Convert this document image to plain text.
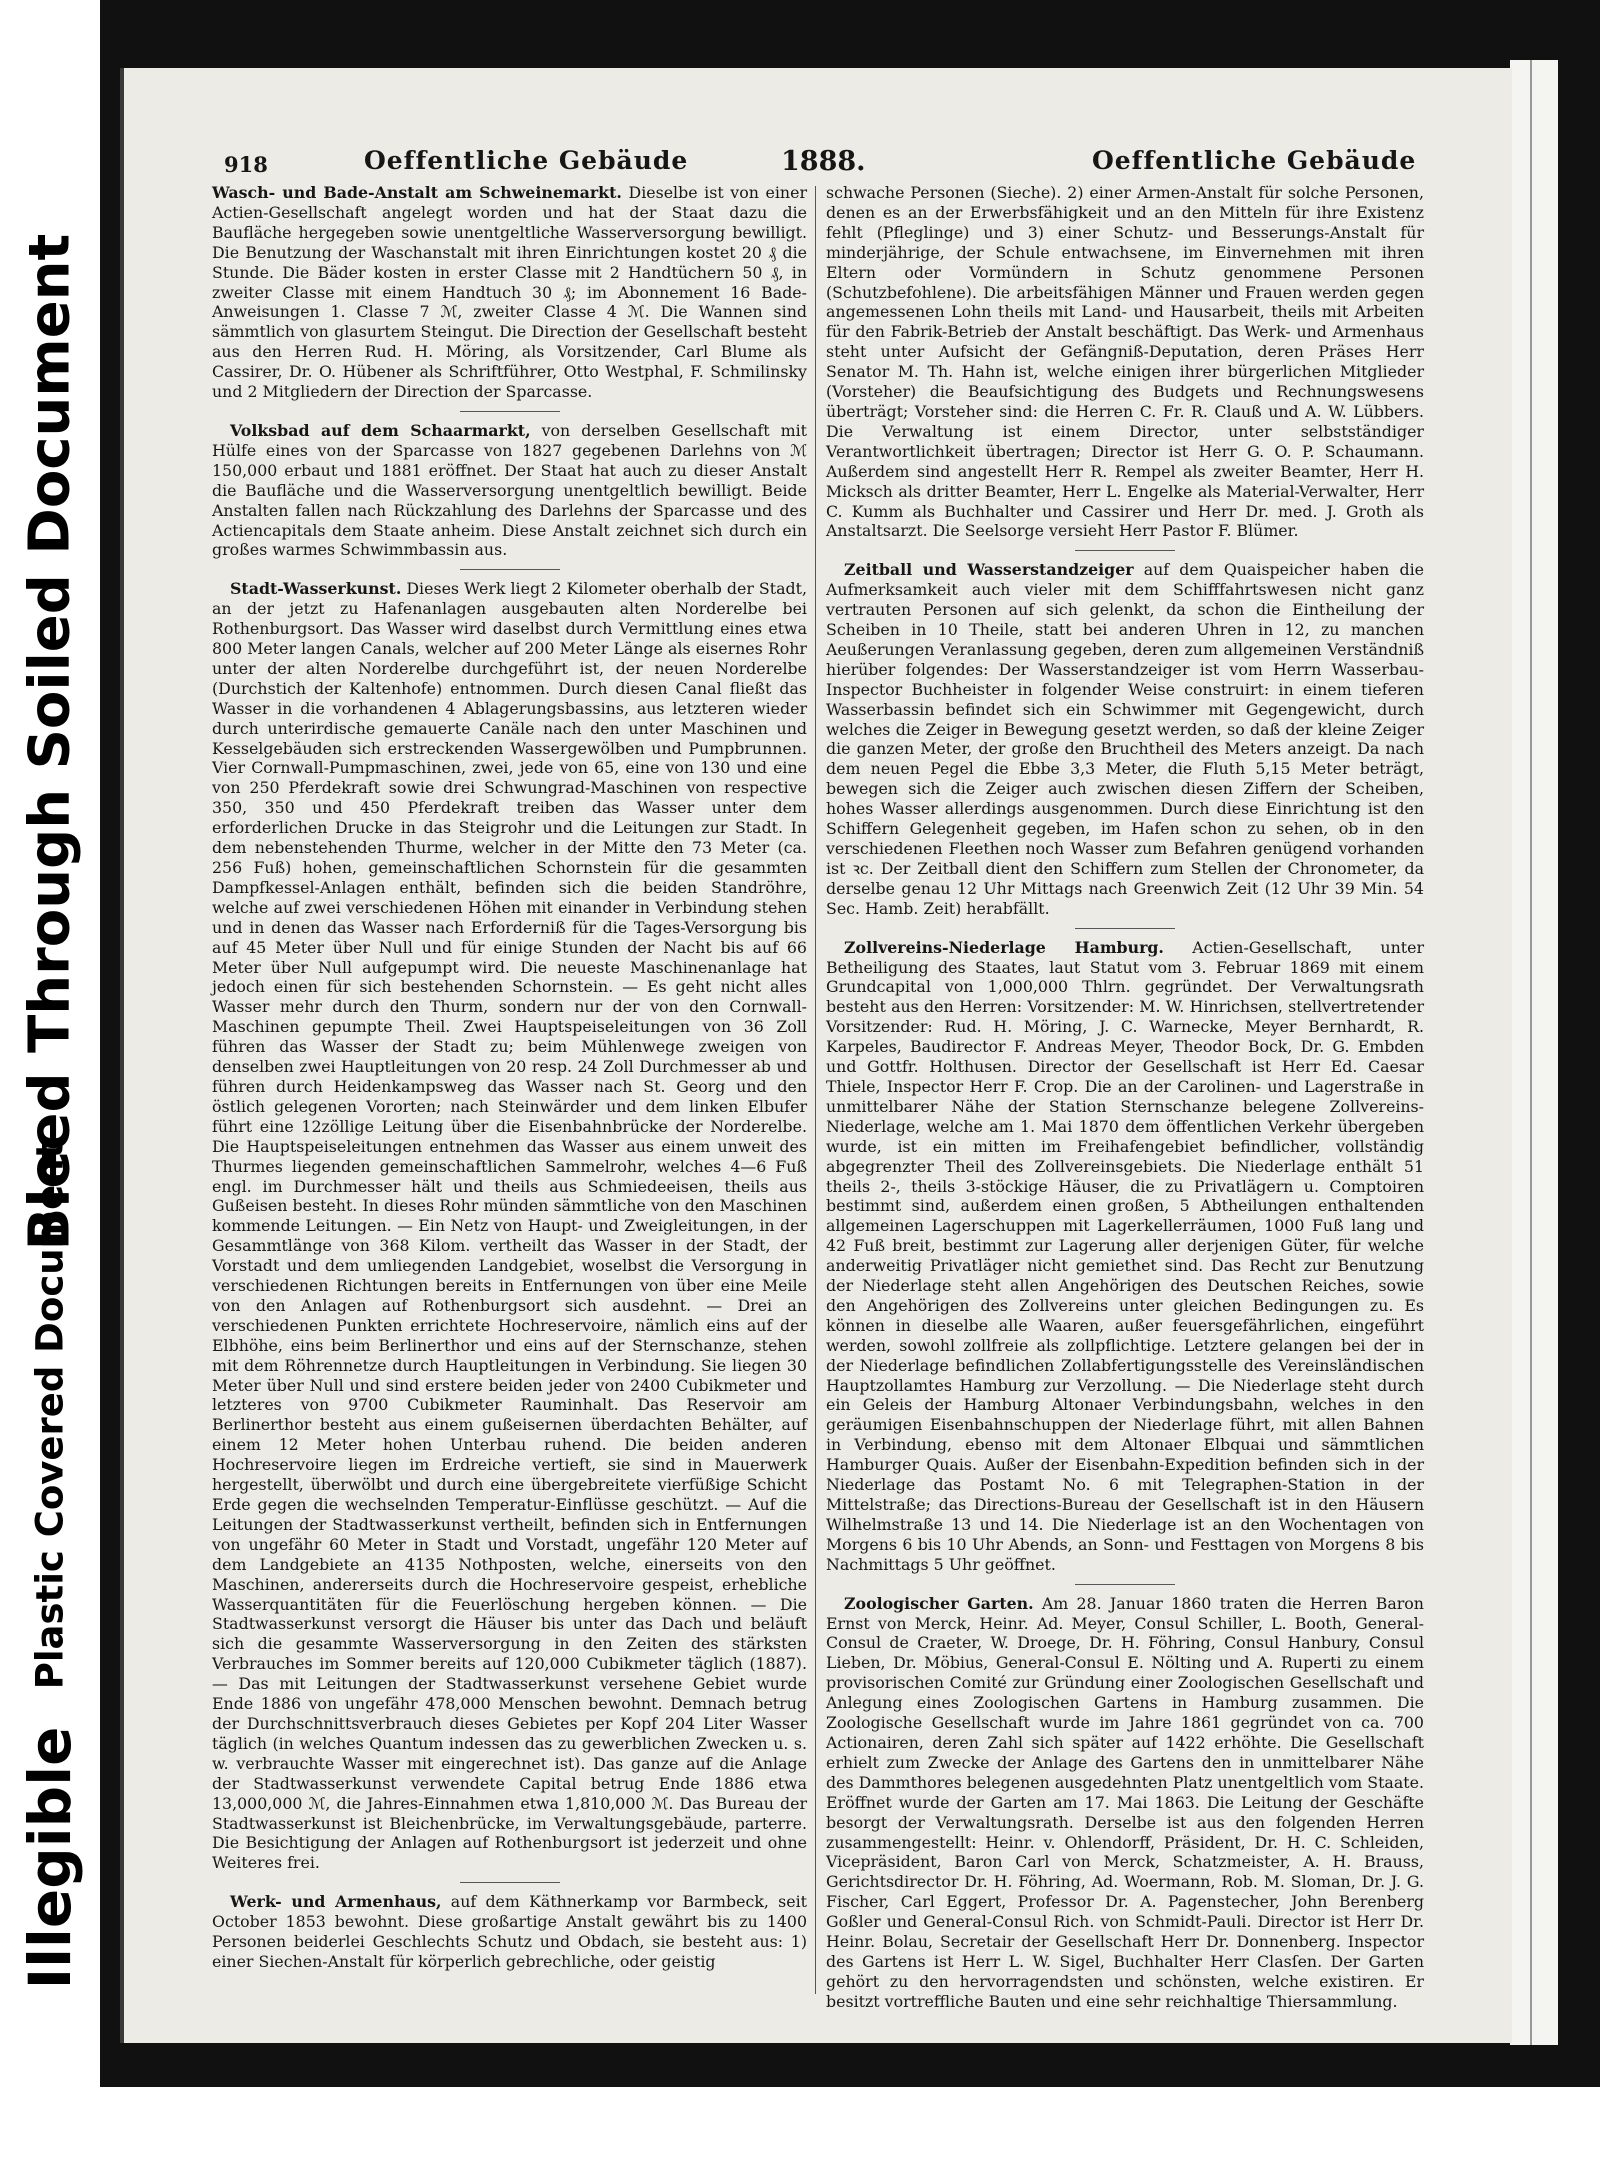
Illegible
Plastic Covered Document
Bleed Through Soiled Document
918	Oeffentliche Gebäude	1888.	Oeffentliche Gebäude

Wasch- und Bade-Anstalt am Schweinemarkt. Dieselbe ist von einer Actien-Gesellschaft angelegt worden und hat der Staat dazu die Baufläche hergegeben sowie unentgeltliche Wasserversorgung bewilligt. Die Benutzung der Waschanstalt mit ihren Einrichtungen kostet 20 ₰ die Stunde. Die Bäder kosten in erster Classe mit 2 Handtüchern 50 ₰, in zweiter Classe mit einem Handtuch 30 ₰; im Abonnement 16 Bade-Anweisungen 1. Classe 7 ℳ, zweiter Classe 4 ℳ. Die Wannen sind sämmtlich von glasurtem Steingut. Die Direction der Gesellschaft besteht aus den Herren Rud. H. Möring, als Vorsitzender, Carl Blume als Cassirer, Dr. O. Hübener als Schriftführer, Otto Westphal, F. Schmilinsky und 2 Mitgliedern der Direction der Sparcasse.

Volksbad auf dem Schaarmarkt, von derselben Gesellschaft mit Hülfe eines von der Sparcasse von 1827 gegebenen Darlehns von ℳ 150,000 erbaut und 1881 eröffnet. Der Staat hat auch zu dieser Anstalt die Baufläche und die Wasserversorgung unentgeltlich bewilligt. Beide Anstalten fallen nach Rückzahlung des Darlehns der Sparcasse und des Actiencapitals dem Staate anheim. Diese Anstalt zeichnet sich durch ein großes warmes Schwimmbassin aus.

Stadt-Wasserkunst. Dieses Werk liegt 2 Kilometer oberhalb der Stadt, an der jetzt zu Hafenanlagen ausgebauten alten Norderelbe bei Rothenburgsort. Das Wasser wird daselbst durch Vermittlung eines etwa 800 Meter langen Canals, welcher auf 200 Meter Länge als eisernes Rohr unter der alten Norderelbe durchgeführt ist, der neuen Norderelbe (Durchstich der Kaltenhofe) entnommen. Durch diesen Canal fließt das Wasser in die vorhandenen 4 Ablagerungsbassins, aus letzteren wieder durch unterirdische gemauerte Canäle nach den unter Maschinen und Kesselgebäuden sich erstreckenden Wassergewölben und Pumpbrunnen. Vier Cornwall-Pumpmaschinen, zwei, jede von 65, eine von 130 und eine von 250 Pferdekraft sowie drei Schwungrad-Maschinen von respective 350, 350 und 450 Pferdekraft treiben das Wasser unter dem erforderlichen Drucke in das Steigrohr und die Leitungen zur Stadt. In dem nebenstehenden Thurme, welcher in der Mitte den 73 Meter (ca. 256 Fuß) hohen, gemeinschaftlichen Schornstein für die gesammten Dampfkessel-Anlagen enthält, befinden sich die beiden Standröhre, welche auf zwei verschiedenen Höhen mit einander in Verbindung stehen und in denen das Wasser nach Erforderniß für die Tages-Versorgung bis auf 45 Meter über Null und für einige Stunden der Nacht bis auf 66 Meter über Null aufgepumpt wird. Die neueste Maschinenanlage hat jedoch einen für sich bestehenden Schornstein. — Es geht nicht alles Wasser mehr durch den Thurm, sondern nur der von den Cornwall-Maschinen gepumpte Theil. Zwei Hauptspeiseleitungen von 36 Zoll führen das Wasser der Stadt zu; beim Mühlenwege zweigen von denselben zwei Hauptleitungen von 20 resp. 24 Zoll Durchmesser ab und führen durch Heidenkampsweg das Wasser nach St. Georg und den östlich gelegenen Vororten; nach Steinwärder und dem linken Elbufer führt eine 12zöllige Leitung über die Eisenbahnbrücke der Norderelbe. Die Hauptspeiseleitungen entnehmen das Wasser aus einem unweit des Thurmes liegenden gemeinschaftlichen Sammelrohr, welches 4—6 Fuß engl. im Durchmesser hält und theils aus Schmiedeeisen, theils aus Gußeisen besteht. In dieses Rohr münden sämmtliche von den Maschinen kommende Leitungen. — Ein Netz von Haupt- und Zweigleitungen, in der Gesammtlänge von 368 Kilom. vertheilt das Wasser in der Stadt, der Vorstadt und dem umliegenden Landgebiet, woselbst die Versorgung in verschiedenen Richtungen bereits in Entfernungen von über eine Meile von den Anlagen auf Rothenburgsort sich ausdehnt. — Drei an verschiedenen Punkten errichtete Hochreservoire, nämlich eins auf der Elbhöhe, eins beim Berlinerthor und eins auf der Sternschanze, stehen mit dem Röhrennetze durch Hauptleitungen in Verbindung. Sie liegen 30 Meter über Null und sind erstere beiden jeder von 2400 Cubikmeter und letzteres von 9700 Cubikmeter Rauminhalt. Das Reservoir am Berlinerthor besteht aus einem gußeisernen überdachten Behälter, auf einem 12 Meter hohen Unterbau ruhend. Die beiden anderen Hochreservoire liegen im Erdreiche vertieft, sie sind in Mauerwerk hergestellt, überwölbt und durch eine übergebreitete vierfüßige Schicht Erde gegen die wechselnden Temperatur-Einflüsse geschützt. — Auf die Leitungen der Stadtwasserkunst vertheilt, befinden sich in Entfernungen von ungefähr 60 Meter in Stadt und Vorstadt, ungefähr 120 Meter auf dem Landgebiete an 4135 Nothposten, welche, einerseits von den Maschinen, andererseits durch die Hochreservoire gespeist, erhebliche Wasserquantitäten für die Feuerlöschung hergeben können. — Die Stadtwasserkunst versorgt die Häuser bis unter das Dach und beläuft sich die gesammte Wasserversorgung in den Zeiten des stärksten Verbrauches im Sommer bereits auf 120,000 Cubikmeter täglich (1887). — Das mit Leitungen der Stadtwasserkunst versehene Gebiet wurde Ende 1886 von ungefähr 478,000 Menschen bewohnt. Demnach betrug der Durchschnittsverbrauch dieses Gebietes per Kopf 204 Liter Wasser täglich (in welches Quantum indessen das zu gewerblichen Zwecken u. s. w. verbrauchte Wasser mit eingerechnet ist). Das ganze auf die Anlage der Stadtwasserkunst verwendete Capital betrug Ende 1886 etwa 13,000,000 ℳ, die Jahres-Einnahmen etwa 1,810,000 ℳ. Das Bureau der Stadtwasserkunst ist Bleichenbrücke, im Verwaltungsgebäude, parterre. Die Besichtigung der Anlagen auf Rothenburgsort ist jederzeit und ohne Weiteres frei.

Werk- und Armenhaus, auf dem Käthnerkamp vor Barmbeck, seit October 1853 bewohnt. Diese großartige Anstalt gewährt bis zu 1400 Personen beiderlei Geschlechts Schutz und Obdach, sie besteht aus: 1) einer Siechen-Anstalt für körperlich gebrechliche, oder geistig

schwache Personen (Sieche). 2) einer Armen-Anstalt für solche Personen, denen es an der Erwerbsfähigkeit und an den Mitteln für ihre Existenz fehlt (Pfleglinge) und 3) einer Schutz- und Besserungs-Anstalt für minderjährige, der Schule entwachsene, im Einvernehmen mit ihren Eltern oder Vormündern in Schutz genommene Personen (Schutzbefohlene). Die arbeitsfähigen Männer und Frauen werden gegen angemessenen Lohn theils mit Land- und Hausarbeit, theils mit Arbeiten für den Fabrik-Betrieb der Anstalt beschäftigt. Das Werk- und Armenhaus steht unter Aufsicht der Gefängniß-Deputation, deren Präses Herr Senator M. Th. Hahn ist, welche einigen ihrer bürgerlichen Mitglieder (Vorsteher) die Beaufsichtigung des Budgets und Rechnungswesens überträgt; Vorsteher sind: die Herren C. Fr. R. Clauß und A. W. Lübbers. Die Verwaltung ist einem Director, unter selbstständiger Verantwortlichkeit übertragen; Director ist Herr G. O. P. Schaumann. Außerdem sind angestellt Herr R. Rempel als zweiter Beamter, Herr H. Micksch als dritter Beamter, Herr L. Engelke als Material-Verwalter, Herr C. Kumm als Buchhalter und Cassirer und Herr Dr. med. J. Groth als Anstaltsarzt. Die Seelsorge versieht Herr Pastor F. Blümer.

Zeitball und Wasserstandzeiger auf dem Quaispeicher haben die Aufmerksamkeit auch vieler mit dem Schifffahrtswesen nicht ganz vertrauten Personen auf sich gelenkt, da schon die Eintheilung der Scheiben in 10 Theile, statt bei anderen Uhren in 12, zu manchen Aeußerungen Veranlassung gegeben, deren zum allgemeinen Verständniß hierüber folgendes: Der Wasserstandzeiger ist vom Herrn Wasserbau-Inspector Buchheister in folgender Weise construirt: in einem tieferen Wasserbassin befindet sich ein Schwimmer mit Gegengewicht, durch welches die Zeiger in Bewegung gesetzt werden, so daß der kleine Zeiger die ganzen Meter, der große den Bruchtheil des Meters anzeigt. Da nach dem neuen Pegel die Ebbe 3,3 Meter, die Fluth 5,15 Meter beträgt, bewegen sich die Zeiger auch zwischen diesen Ziffern der Scheiben, hohes Wasser allerdings ausgenommen. Durch diese Einrichtung ist den Schiffern Gelegenheit gegeben, im Hafen schon zu sehen, ob in den verschiedenen Fleethen noch Wasser zum Befahren genügend vorhanden ist ꝛc. Der Zeitball dient den Schiffern zum Stellen der Chronometer, da derselbe genau 12 Uhr Mittags nach Greenwich Zeit (12 Uhr 39 Min. 54 Sec. Hamb. Zeit) herabfällt.

Zollvereins-Niederlage Hamburg. Actien-Gesellschaft, unter Betheiligung des Staates, laut Statut vom 3. Februar 1869 mit einem Grundcapital von 1,000,000 Thlrn. gegründet. Der Verwaltungsrath besteht aus den Herren: Vorsitzender: M. W. Hinrichsen, stellvertretender Vorsitzender: Rud. H. Möring, J. C. Warnecke, Meyer Bernhardt, R. Karpeles, Baudirector F. Andreas Meyer, Theodor Bock, Dr. G. Embden und Gottfr. Holthusen. Director der Gesellschaft ist Herr Ed. Caesar Thiele, Inspector Herr F. Crop. Die an der Carolinen- und Lagerstraße in unmittelbarer Nähe der Station Sternschanze belegene Zollvereins-Niederlage, welche am 1. Mai 1870 dem öffentlichen Verkehr übergeben wurde, ist ein mitten im Freihafengebiet befindlicher, vollständig abgegrenzter Theil des Zollvereinsgebiets. Die Niederlage enthält 51 theils 2-, theils 3-stöckige Häuser, die zu Privatlägern u. Comptoiren bestimmt sind, außerdem einen großen, 5 Abtheilungen enthaltenden allgemeinen Lagerschuppen mit Lagerkellerräumen, 1000 Fuß lang und 42 Fuß breit, bestimmt zur Lagerung aller derjenigen Güter, für welche anderweitig Privatläger nicht gemiethet sind. Das Recht zur Benutzung der Niederlage steht allen Angehörigen des Deutschen Reiches, sowie den Angehörigen des Zollvereins unter gleichen Bedingungen zu. Es können in dieselbe alle Waaren, außer feuersgefährlichen, eingeführt werden, sowohl zollfreie als zollpflichtige. Letztere gelangen bei der in der Niederlage befindlichen Zollabfertigungsstelle des Vereinsländischen Hauptzollamtes Hamburg zur Verzollung. — Die Niederlage steht durch ein Geleis der Hamburg Altonaer Verbindungsbahn, welches in den geräumigen Eisenbahnschuppen der Niederlage führt, mit allen Bahnen in Verbindung, ebenso mit dem Altonaer Elbquai und sämmtlichen Hamburger Quais. Außer der Eisenbahn-Expedition befinden sich in der Niederlage das Postamt No. 6 mit Telegraphen-Station in der Mittelstraße; das Directions-Bureau der Gesellschaft ist in den Häusern Wilhelmstraße 13 und 14. Die Niederlage ist an den Wochentagen von Morgens 6 bis 10 Uhr Abends, an Sonn- und Festtagen von Morgens 8 bis Nachmittags 5 Uhr geöffnet.

Zoologischer Garten. Am 28. Januar 1860 traten die Herren Baron Ernst von Merck, Heinr. Ad. Meyer, Consul Schiller, L. Booth, General-Consul de Craeter, W. Droege, Dr. H. Föhring, Consul Hanbury, Consul Lieben, Dr. Möbius, General-Consul E. Nölting und A. Ruperti zu einem provisorischen Comité zur Gründung einer Zoologischen Gesellschaft und Anlegung eines Zoologischen Gartens in Hamburg zusammen. Die Zoologische Gesellschaft wurde im Jahre 1861 gegründet von ca. 700 Actionairen, deren Zahl sich später auf 1422 erhöhte. Die Gesellschaft erhielt zum Zwecke der Anlage des Gartens den in unmittelbarer Nähe des Dammthores belegenen ausgedehnten Platz unentgeltlich vom Staate. Eröffnet wurde der Garten am 17. Mai 1863. Die Leitung der Geschäfte besorgt der Verwaltungsrath. Derselbe ist aus den folgenden Herren zusammengestellt: Heinr. v. Ohlendorff, Präsident, Dr. H. C. Schleiden, Vicepräsident, Baron Carl von Merck, Schatzmeister, A. H. Brauss, Gerichtsdirector Dr. H. Föhring, Ad. Woermann, Rob. M. Sloman, Dr. J. G. Fischer, Carl Eggert, Professor Dr. A. Pagenstecher, John Berenberg Goßler und General-Consul Rich. von Schmidt-Pauli. Director ist Herr Dr. Heinr. Bolau, Secretair der Gesellschaft Herr Dr. Donnenberg. Inspector des Gartens ist Herr L. W. Sigel, Buchhalter Herr Clasſen. Der Garten gehört zu den hervorragendsten und schönsten, welche existiren. Er besitzt vortreffliche Bauten und eine sehr reichhaltige Thiersammlung.
